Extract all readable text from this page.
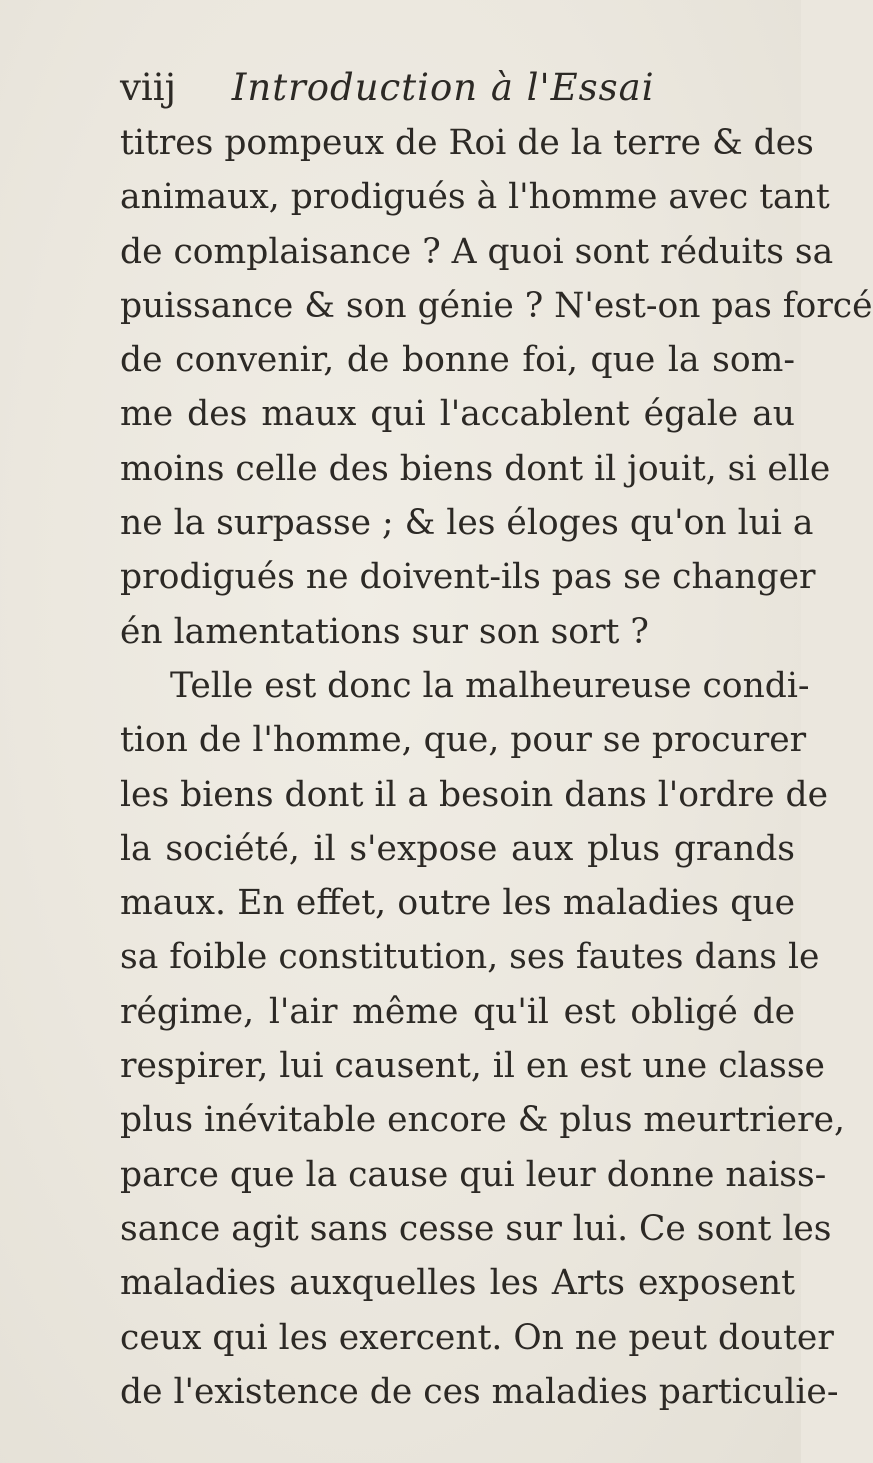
viij Introduction à l'Essai
titres pompeux de Roi de la terre & des
animaux, prodigués à l'homme avec tant
de complaisance ? A quoi sont réduits sa
puissance & son génie ? N'est-on pas forcé
de convenir, de bonne foi, que la som-
me des maux qui l'accablent égale au
moins celle des biens dont il jouit, si elle
ne la surpasse ; & les éloges qu'on lui a
prodigués ne doivent-ils pas se changer
én lamentations sur son sort ?
Telle est donc la malheureuse condi-
tion de l'homme, que, pour se procurer
les biens dont il a besoin dans l'ordre de
la société, il s'expose aux plus grands
maux. En effet, outre les maladies que
sa foible constitution, ses fautes dans le
régime, l'air même qu'il est obligé de
respirer, lui causent, il en est une classe
plus inévitable encore & plus meurtriere,
parce que la cause qui leur donne naiss-
sance agit sans cesse sur lui. Ce sont les
maladies auxquelles les Arts exposent
ceux qui les exercent. On ne peut douter
de l'existence de ces maladies particulie-
